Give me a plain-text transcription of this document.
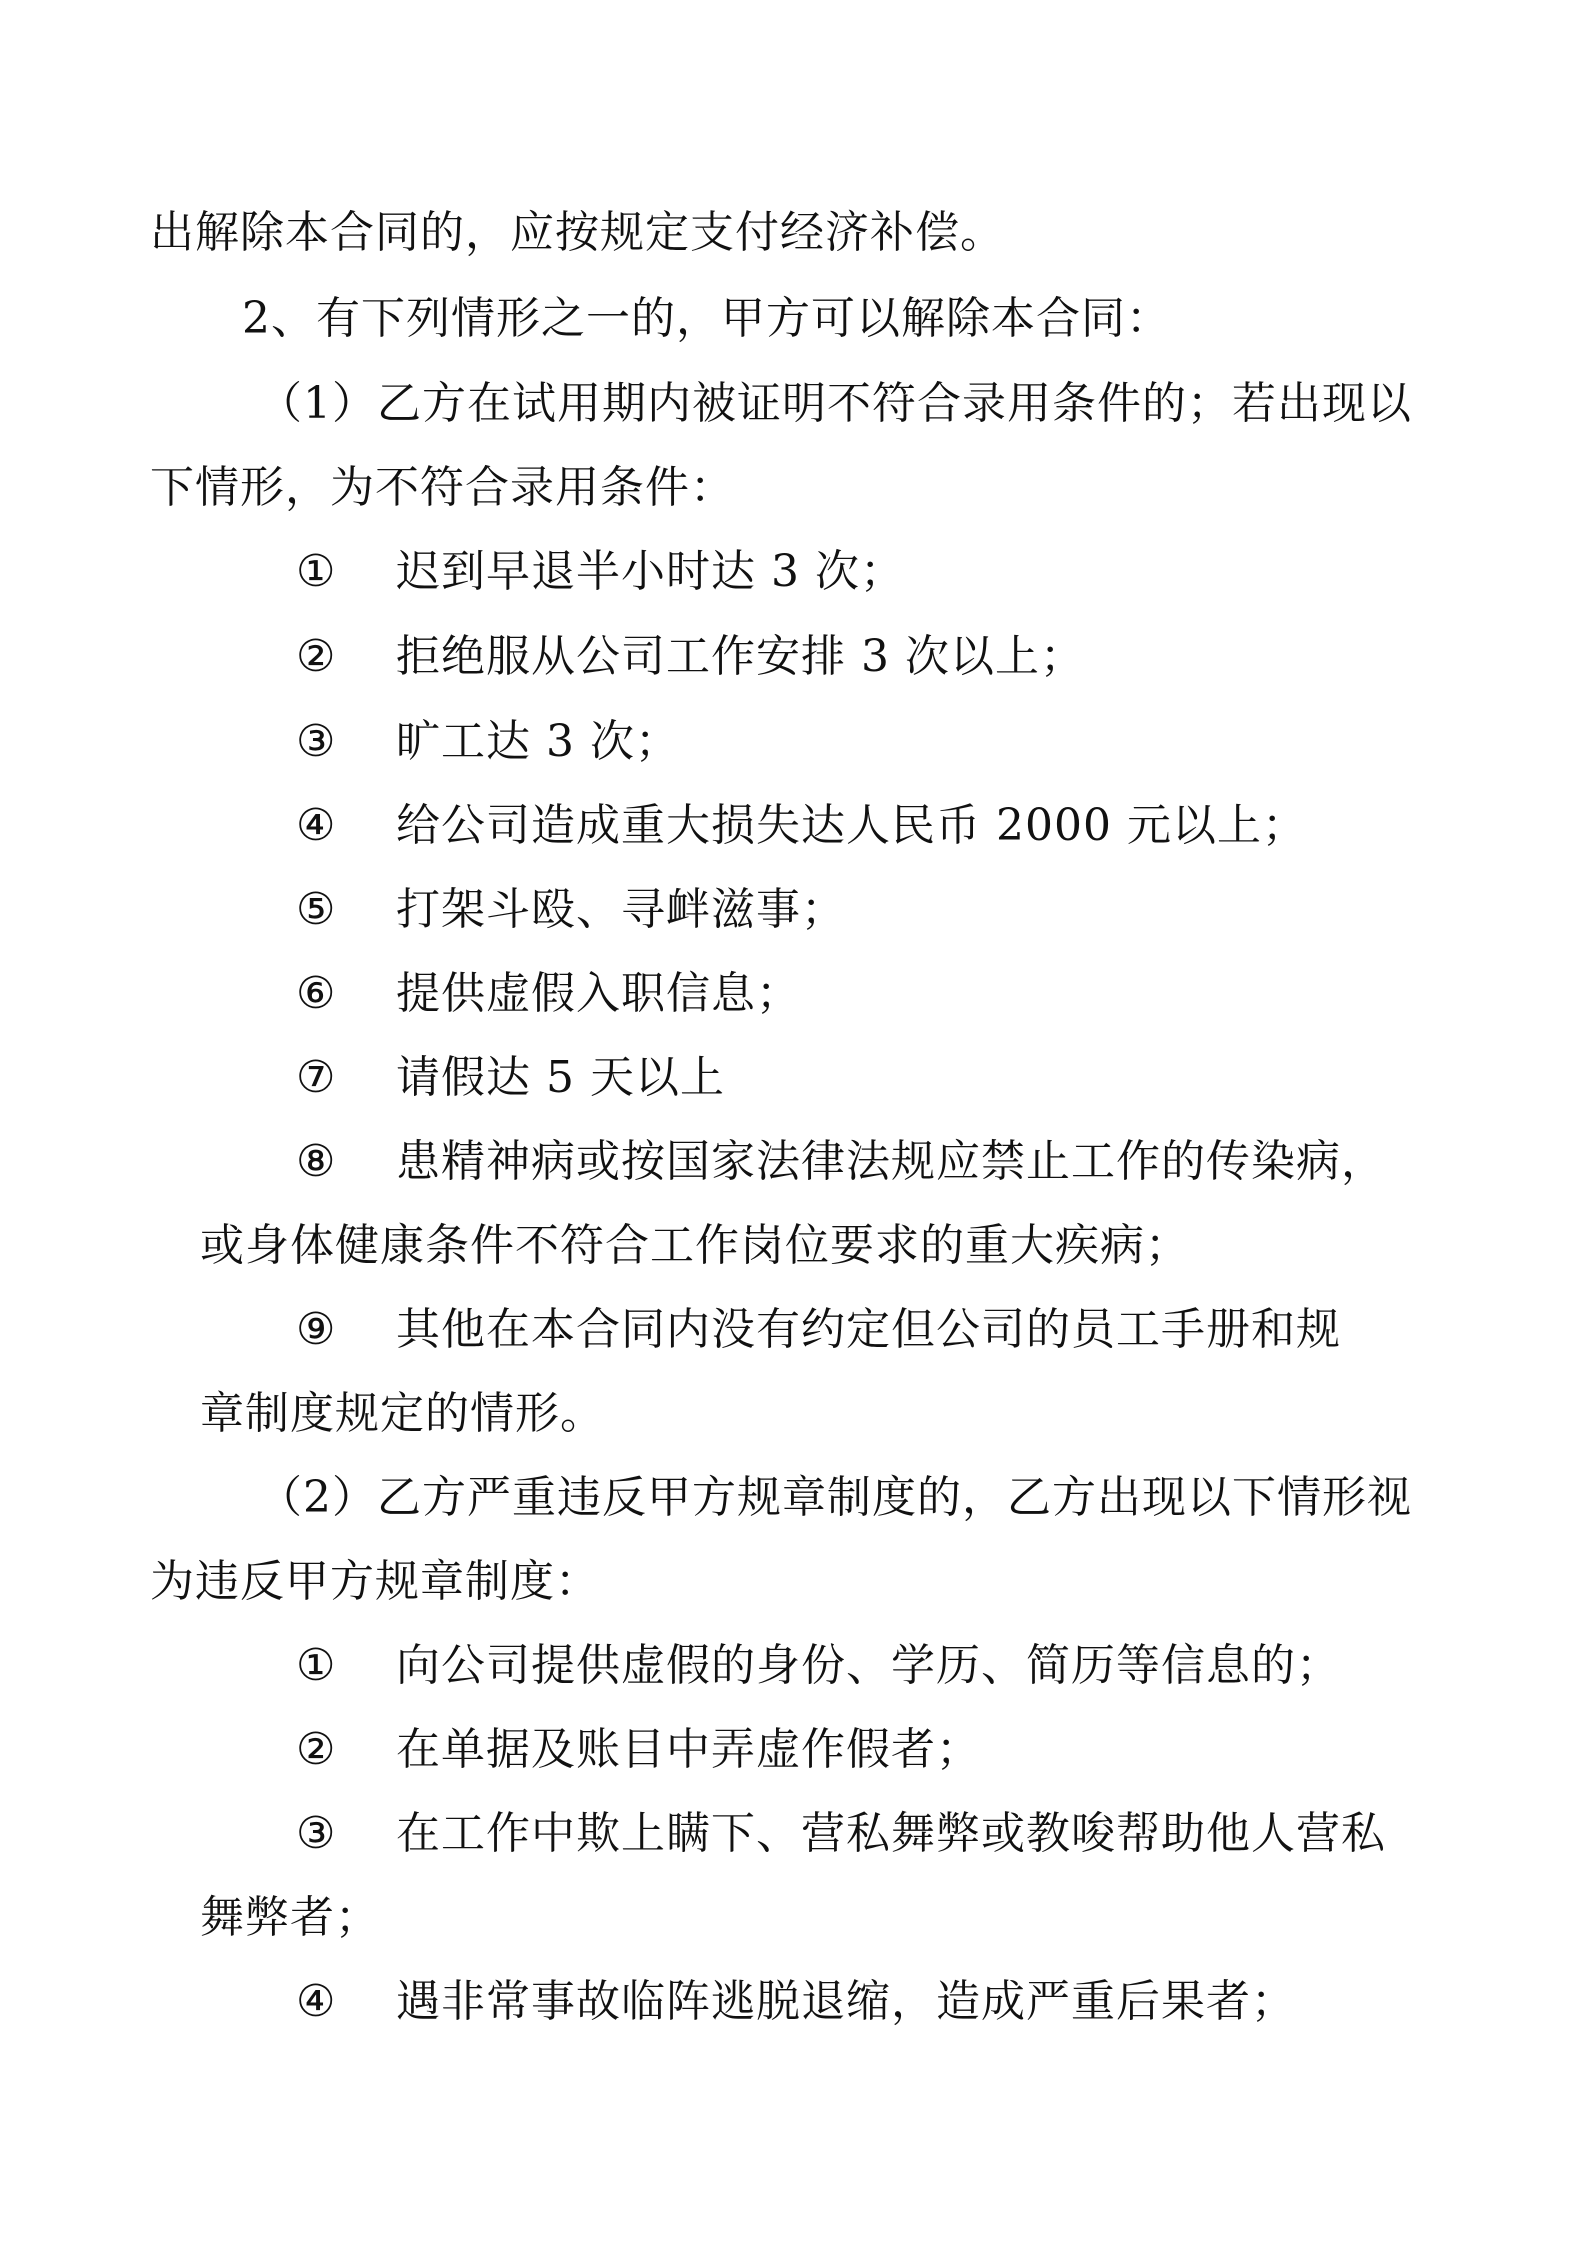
出解除本合同的，应按规定支付经济补偿。
2、有下列情形之一的，甲方可以解除本合同：
（1）乙方在试用期内被证明不符合录用条件的；若出现以
下情形，为不符合录用条件：
① 迟到早退半小时达 3 次；
② 拒绝服从公司工作安排 3 次以上；
③ 旷工达 3 次；
④ 给公司造成重大损失达人民币 2000 元以上；
⑤ 打架斗殴、寻衅滋事；
⑥ 提供虚假入职信息；
⑦ 请假达 5 天以上
⑧ 患精神病或按国家法律法规应禁止工作的传染病，
或身体健康条件不符合工作岗位要求的重大疾病；
⑨ 其他在本合同内没有约定但公司的员工手册和规
章制度规定的情形。
（2）乙方严重违反甲方规章制度的，乙方出现以下情形视
为违反甲方规章制度：
① 向公司提供虚假的身份、学历、简历等信息的；
② 在单据及账目中弄虚作假者；
③ 在工作中欺上瞒下、营私舞弊或教唆帮助他人营私
舞弊者；
④ 遇非常事故临阵逃脱退缩，造成严重后果者；
